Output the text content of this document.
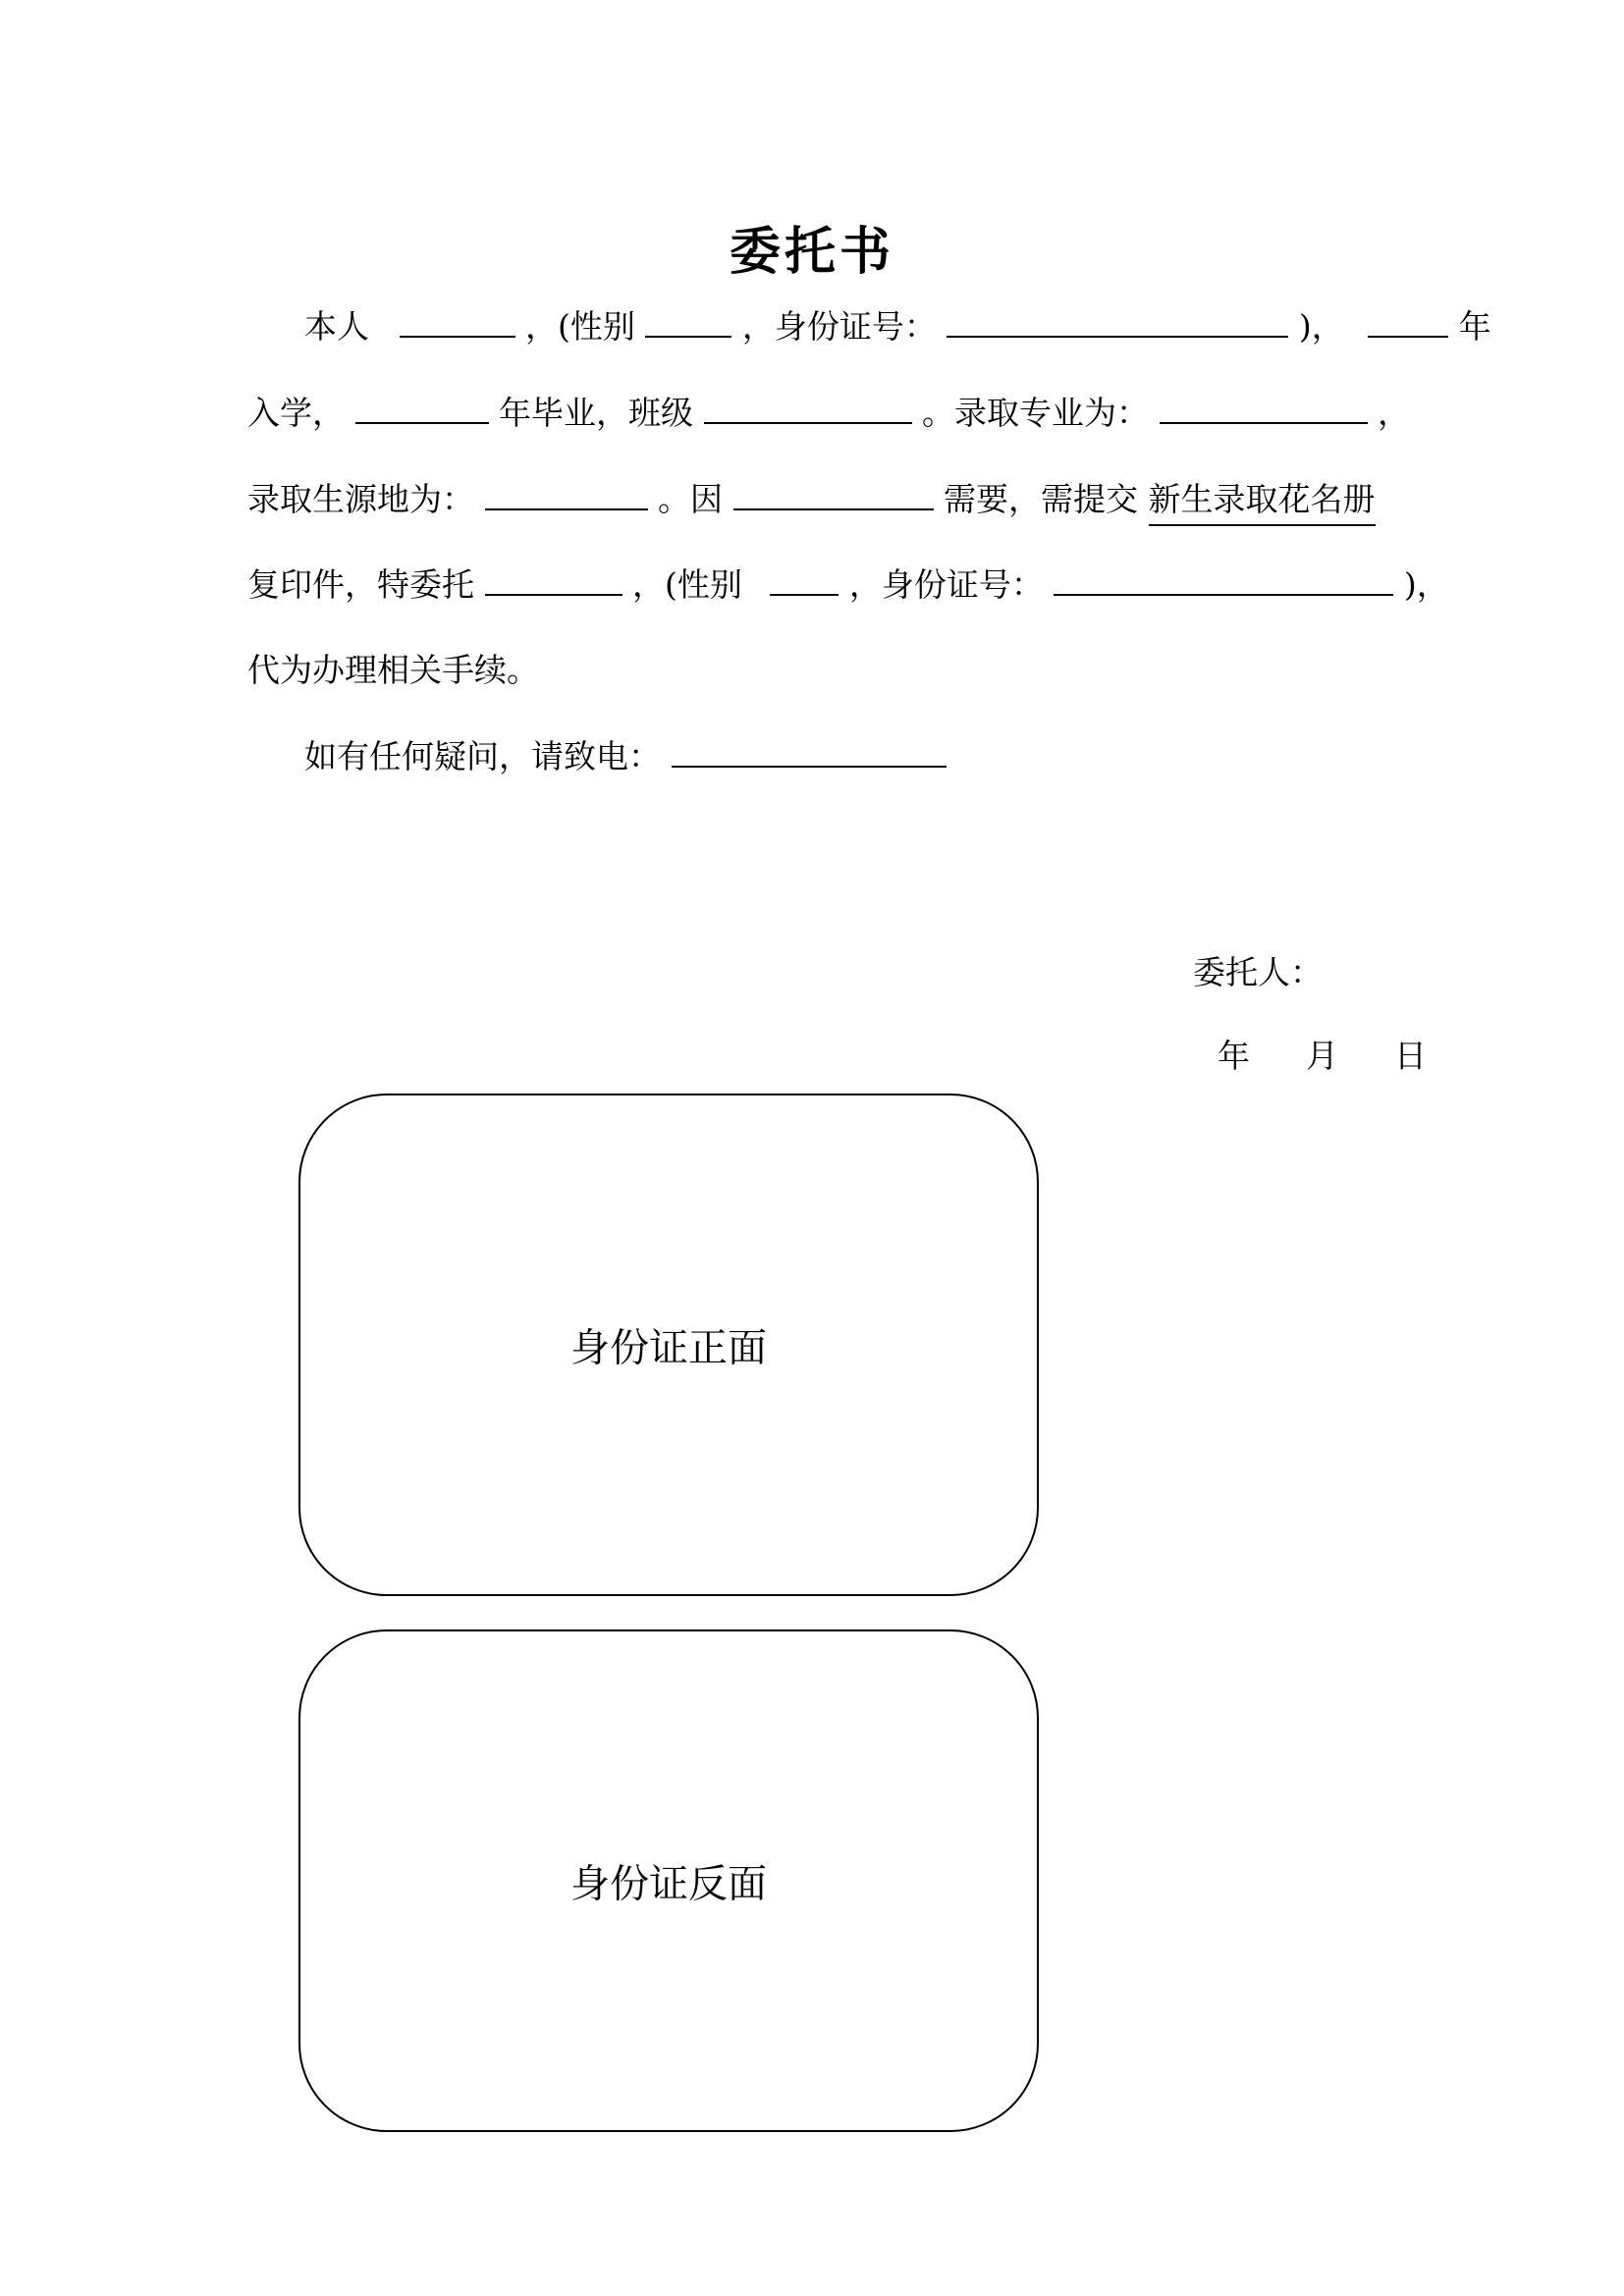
委托书
本人	，(性别	，身份证号：	)，	年
入学，	年毕业，班级	。录取专业为：	，
录取生源地为：	。因	需要，需提交 新生录取花名册
复印件，特委托	，(性别	，身份证号：	)，
代为办理相关手续。
如有任何疑问，请致电：
委托人：
年 月 日
身份证正面
身份证反面
